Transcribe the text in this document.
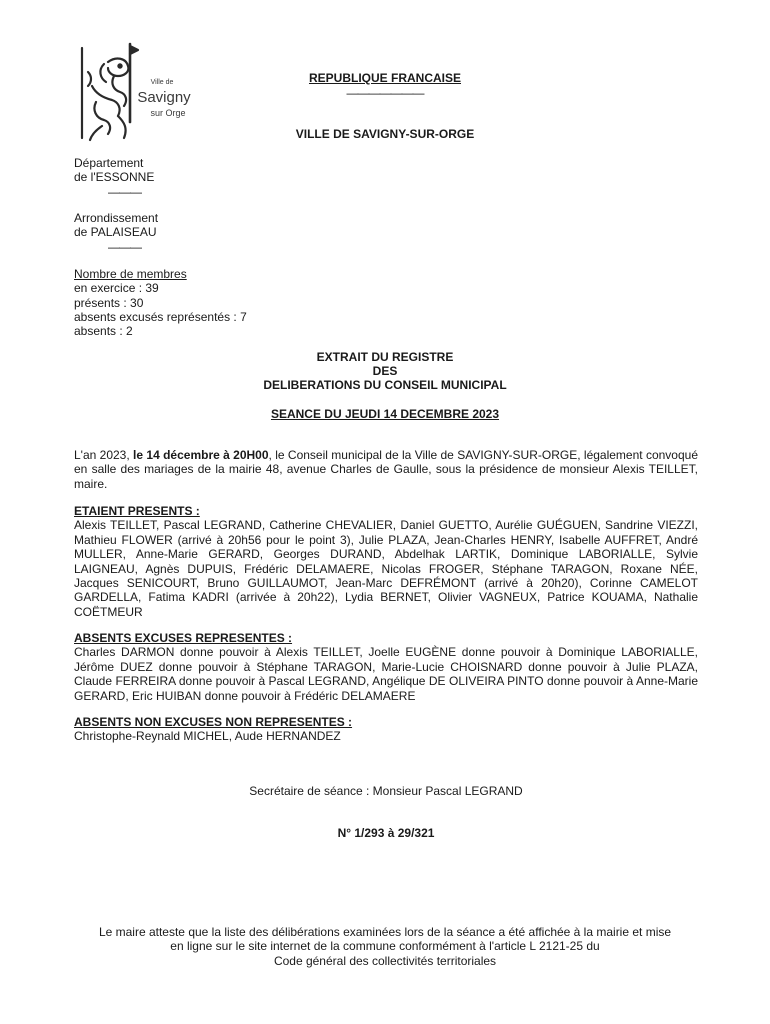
Ville de
Savigny
sur Orge
REPUBLIQUE FRANCAISE
———————
VILLE DE SAVIGNY-SUR-ORGE
Département
de l'ESSONNE
———
Arrondissement
de PALAISEAU
———
Nombre de membres
en exercice : 39
présents : 30
absents excusés représentés : 7
absents : 2
EXTRAIT DU REGISTRE
DES
DELIBERATIONS DU CONSEIL MUNICIPAL
SEANCE DU JEUDI 14 DECEMBRE 2023
L'an 2023, le 14 décembre à 20H00, le Conseil municipal de la Ville de SAVIGNY-SUR-ORGE, légalement convoqué en salle des mariages de la mairie 48, avenue Charles de Gaulle, sous la présidence de monsieur Alexis TEILLET, maire.
ETAIENT PRESENTS :
Alexis TEILLET, Pascal LEGRAND, Catherine CHEVALIER, Daniel GUETTO, Aurélie GUÉGUEN, Sandrine VIEZZI, Mathieu FLOWER (arrivé à 20h56 pour le point 3), Julie PLAZA, Jean-Charles HENRY, Isabelle AUFFRET, André MULLER, Anne-Marie GERARD, Georges DURAND, Abdelhak LARTIK, Dominique LABORIALLE, Sylvie LAIGNEAU, Agnès DUPUIS, Frédéric DELAMAERE, Nicolas FROGER, Stéphane TARAGON, Roxane NÉE, Jacques SENICOURT, Bruno GUILLAUMOT, Jean-Marc DEFRÉMONT (arrivé à 20h20), Corinne CAMELOT GARDELLA, Fatima KADRI (arrivée à 20h22), Lydia BERNET, Olivier VAGNEUX, Patrice KOUAMA, Nathalie COËTMEUR
ABSENTS EXCUSES REPRESENTES :
Charles DARMON donne pouvoir à Alexis TEILLET, Joelle EUGÈNE donne pouvoir à Dominique LABORIALLE, Jérôme DUEZ donne pouvoir à Stéphane TARAGON, Marie-Lucie CHOISNARD donne pouvoir à Julie PLAZA, Claude FERREIRA donne pouvoir à Pascal LEGRAND, Angélique DE OLIVEIRA PINTO donne pouvoir à Anne-Marie GERARD, Eric HUIBAN donne pouvoir à Frédéric DELAMAERE
ABSENTS NON EXCUSES NON REPRESENTES :
Christophe-Reynald MICHEL, Aude HERNANDEZ
Secrétaire de séance : Monsieur Pascal LEGRAND
N° 1/293 à 29/321
Le maire atteste que la liste des délibérations examinées lors de la séance a été affichée à la mairie et mise
en ligne sur le site internet de la commune conformément à l'article L 2121-25 du
Code général des collectivités territoriales
